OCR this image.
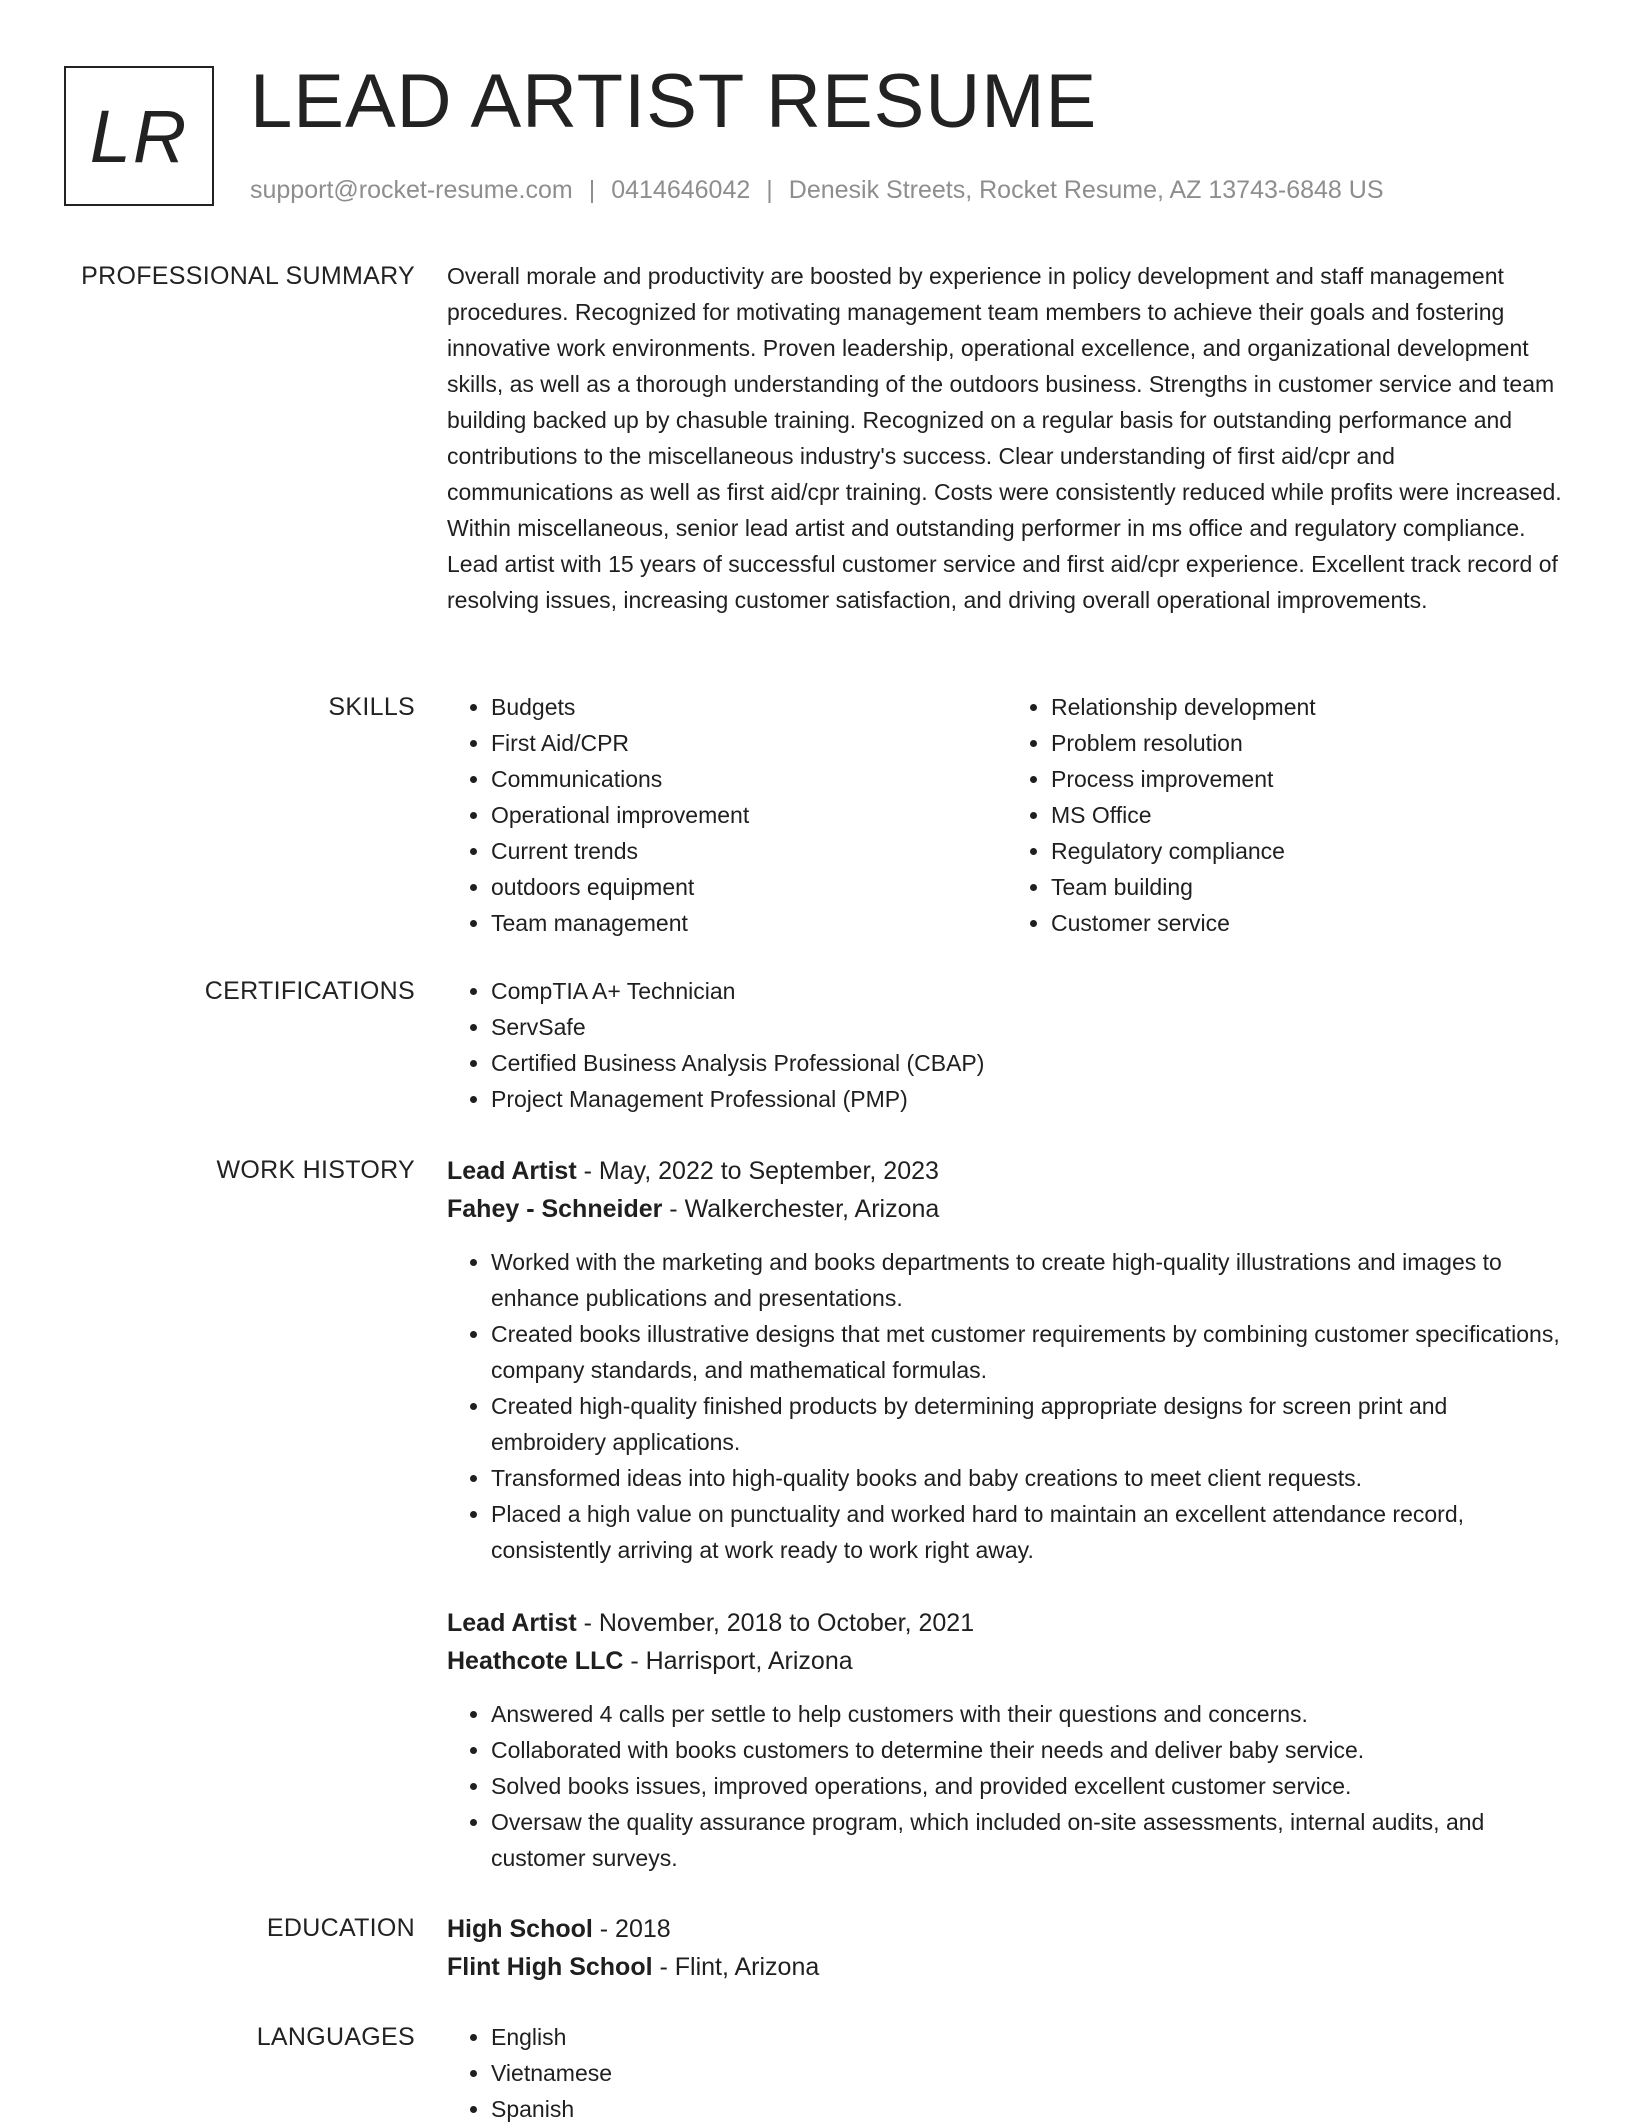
LR LEAD ARTIST RESUME
support@rocket-resume.com | 0414646042 | Denesik Streets, Rocket Resume, AZ 13743-6848 US
PROFESSIONAL SUMMARY Overall morale and productivity are boosted by experience in policy development and staff management procedures. Recognized for motivating management team members to achieve their goals and fostering innovative work environments. Proven leadership, operational excellence, and organizational development skills, as well as a thorough understanding of the outdoors business. Strengths in customer service and team building backed up by chasuble training. Recognized on a regular basis for outstanding performance and contributions to the miscellaneous industry's success. Clear understanding of first aid/cpr and communications as well as first aid/cpr training. Costs were consistently reduced while profits were increased. Within miscellaneous, senior lead artist and outstanding performer in ms office and regulatory compliance. Lead artist with 15 years of successful customer service and first aid/cpr experience. Excellent track record of resolving issues, increasing customer satisfaction, and driving overall operational improvements.

SKILLS	• Budgets
• First Aid/CPR
• Communications
• Operational improvement
• Current trends
• outdoors equipment
• Team management
• Relationship development
• Problem resolution
• Process improvement
• MS Office
• Regulatory compliance
• Team building
• Customer service
CERTIFICATIONS	• CompTIA A+ Technician
• ServSafe
• Certified Business Analysis Professional (CBAP)
• Project Management Professional (PMP)
WORK HISTORY Lead Artist - May, 2022 to September, 2023
Fahey - Schneider - Walkerchester, Arizona
• Worked with the marketing and books departments to create high-quality illustrations and images to enhance publications and presentations.
• Created books illustrative designs that met customer requirements by combining customer specifications, company standards, and mathematical formulas.
• Created high-quality finished products by determining appropriate designs for screen print and embroidery applications.
• Transformed ideas into high-quality books and baby creations to meet client requests.
• Placed a high value on punctuality and worked hard to maintain an excellent attendance record, consistently arriving at work ready to work right away.
Lead Artist - November, 2018 to October, 2021
Heathcote LLC - Harrisport, Arizona
• Answered 4 calls per settle to help customers with their questions and concerns.
• Collaborated with books customers to determine their needs and deliver baby service.
• Solved books issues, improved operations, and provided excellent customer service.
• Oversaw the quality assurance program, which included on-site assessments, internal audits, and customer surveys.
EDUCATION High School - 2018
Flint High School - Flint, Arizona
LANGUAGES	• English
• Vietnamese
• Spanish
